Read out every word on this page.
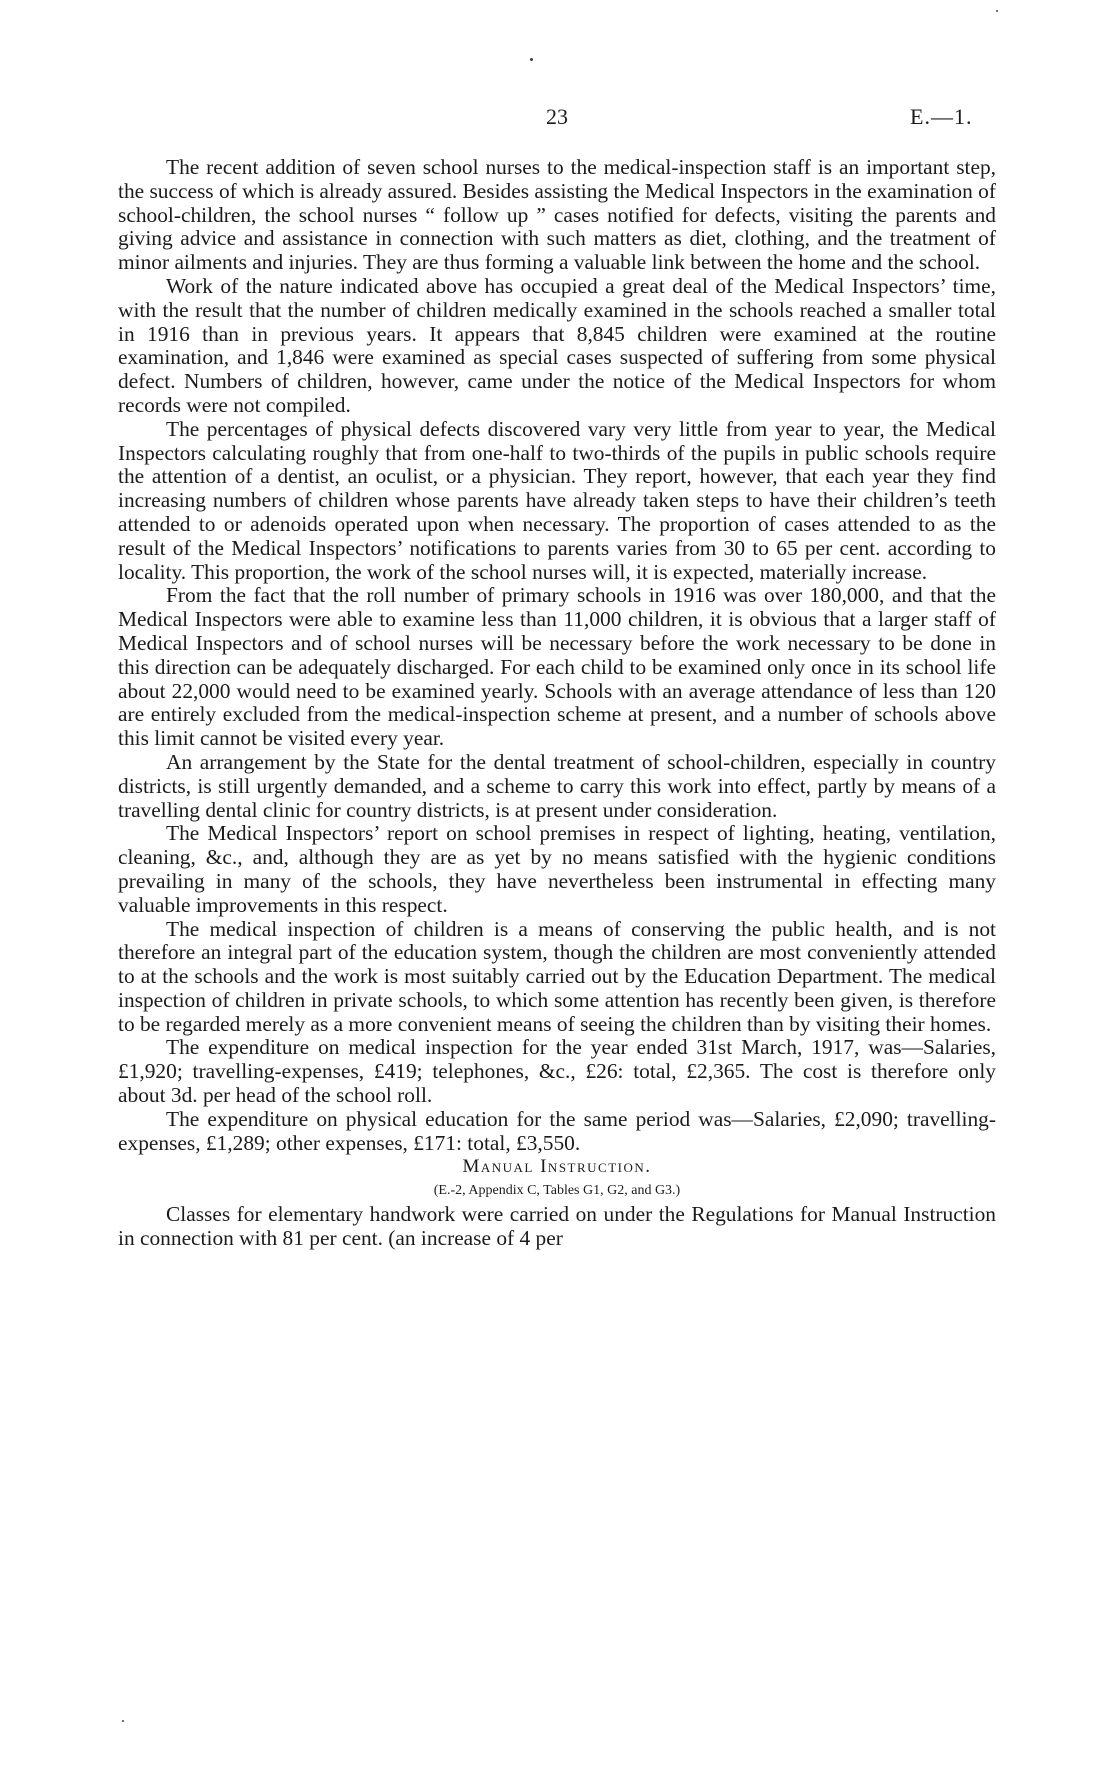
23	E.—1.

The recent addition of seven school nurses to the medical-inspection staff is an important step, the success of which is already assured. Besides assisting the Medical Inspectors in the examination of school-children, the school nurses “ follow up ” cases notified for defects, visiting the parents and giving advice and assistance in connection with such matters as diet, clothing, and the treatment of minor ailments and injuries. They are thus forming a valuable link between the home and the school.

Work of the nature indicated above has occupied a great deal of the Medical Inspectors’ time, with the result that the number of children medically examined in the schools reached a smaller total in 1916 than in previous years. It appears that 8,845 children were examined at the routine examination, and 1,846 were examined as special cases suspected of suffering from some physical defect. Numbers of children, however, came under the notice of the Medical Inspectors for whom records were not compiled.

The percentages of physical defects discovered vary very little from year to year, the Medical Inspectors calculating roughly that from one-half to two-thirds of the pupils in public schools require the attention of a dentist, an oculist, or a physician. They report, however, that each year they find increasing numbers of children whose parents have already taken steps to have their children’s teeth attended to or adenoids operated upon when necessary. The proportion of cases attended to as the result of the Medical Inspectors’ notifications to parents varies from 30 to 65 per cent. according to locality. This proportion, the work of the school nurses will, it is expected, materially increase.

From the fact that the roll number of primary schools in 1916 was over 180,000, and that the Medical Inspectors were able to examine less than 11,000 children, it is obvious that a larger staff of Medical Inspectors and of school nurses will be necessary before the work necessary to be done in this direction can be adequately discharged. For each child to be examined only once in its school life about 22,000 would need to be examined yearly. Schools with an average attendance of less than 120 are entirely excluded from the medical-inspection scheme at present, and a number of schools above this limit cannot be visited every year.

An arrangement by the State for the dental treatment of school-children, especially in country districts, is still urgently demanded, and a scheme to carry this work into effect, partly by means of a travelling dental clinic for country districts, is at present under consideration.

The Medical Inspectors’ report on school premises in respect of lighting, heating, ventilation, cleaning, &c., and, although they are as yet by no means satisfied with the hygienic conditions prevailing in many of the schools, they have nevertheless been instrumental in effecting many valuable improvements in this respect.

The medical inspection of children is a means of conserving the public health, and is not therefore an integral part of the education system, though the children are most conveniently attended to at the schools and the work is most suitably carried out by the Education Department. The medical inspection of children in private schools, to which some attention has recently been given, is therefore to be regarded merely as a more convenient means of seeing the children than by visiting their homes.

The expenditure on medical inspection for the year ended 31st March, 1917, was—Salaries, £1,920; travelling-expenses, £419; telephones, &c., £26: total, £2,365. The cost is therefore only about 3d. per head of the school roll.

The expenditure on physical education for the same period was—Salaries, £2,090; travelling-expenses, £1,289; other expenses, £171: total, £3,550.

Manual Instruction.

(E.-2, Appendix C, Tables G1, G2, and G3.)

Classes for elementary handwork were carried on under the Regulations for Manual Instruction in connection with 81 per cent. (an increase of 4 per
